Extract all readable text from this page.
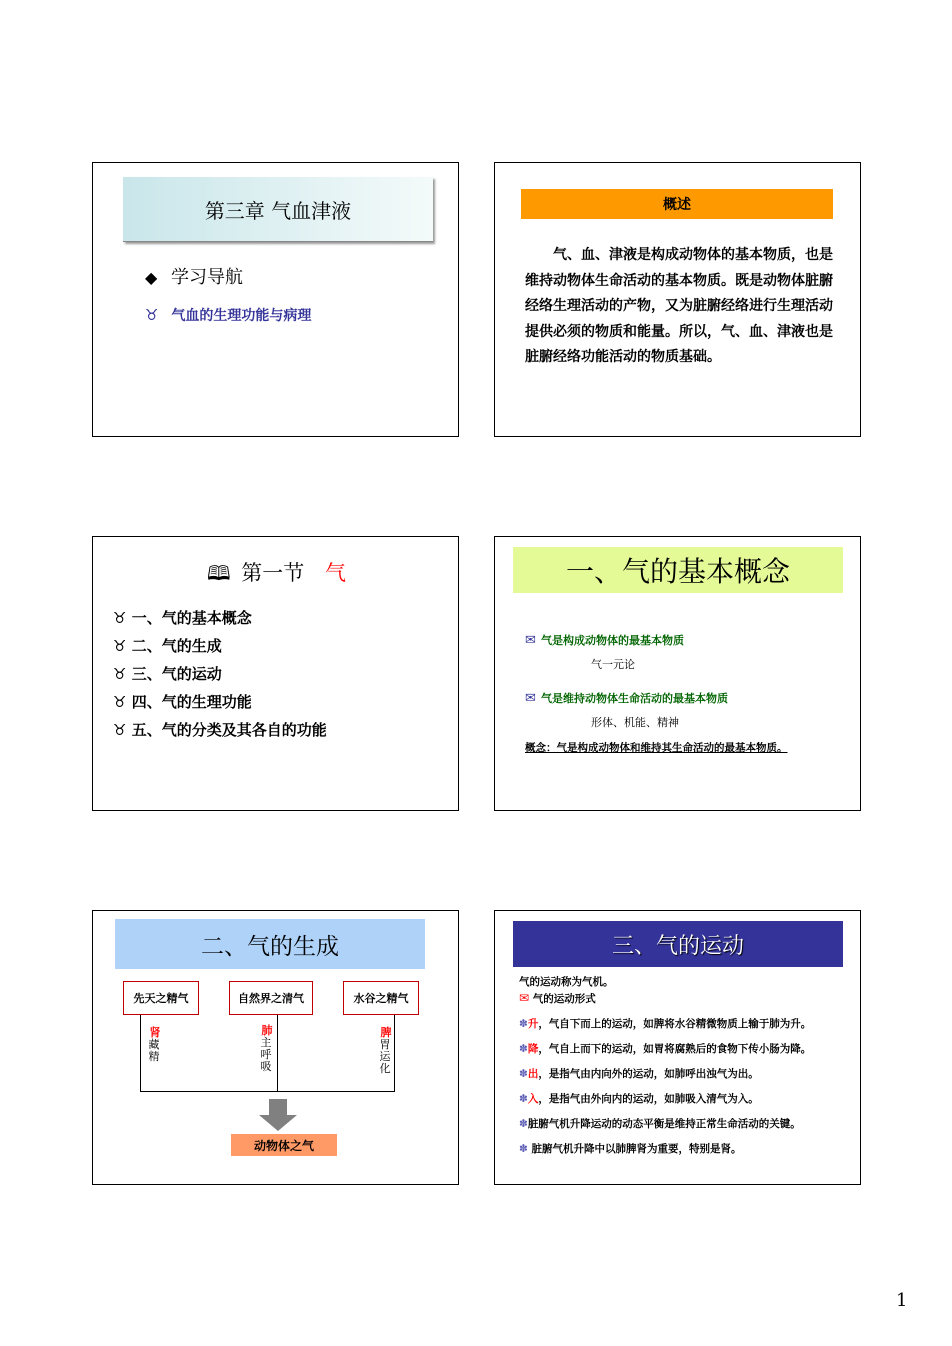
第三章 气血津液
◆ 学习导航
♉ 气血的生理功能与病理
概述
气、血、津液是构成动物体的基本物质，也是维持动物体生命活动的基本物质。既是动物体脏腑经络生理活动的产物，又为脏腑经络进行生理活动提供必须的物质和能量。所以，气、血、津液也是脏腑经络功能活动的物质基础。
🕮 第一节 气
♉ 一、气的基本概念
♉ 二、气的生成
♉ 三、气的运动
♉ 四、气的生理功能
♉ 五、气的分类及其各自的功能
一、气的基本概念
✉ 气是构成动物体的最基本物质
气一元论
✉ 气是维持动物体生命活动的最基本物质
形体、机能、精神
概念：气是构成动物体和维持其生命活动的最基本物质。
二、气的生成
先天之精气	自然界之清气	水谷之精气
肾
藏精
肺
主呼吸
脾
胃运化
动物体之气
三、气的运动
气的运动称为气机。
✉ 气的运动形式
✽升，气自下而上的运动，如脾将水谷精微物质上输于肺为升。
✽降，气自上而下的运动，如胃将腐熟后的食物下传小肠为降。
✽出，是指气由内向外的运动，如肺呼出浊气为出。
✽入，是指气由外向内的运动，如肺吸入清气为入。
✽脏腑气机升降运动的动态平衡是维持正常生命活动的关键。
✽ 脏腑气机升降中以肺脾肾为重要，特别是肾。
1
